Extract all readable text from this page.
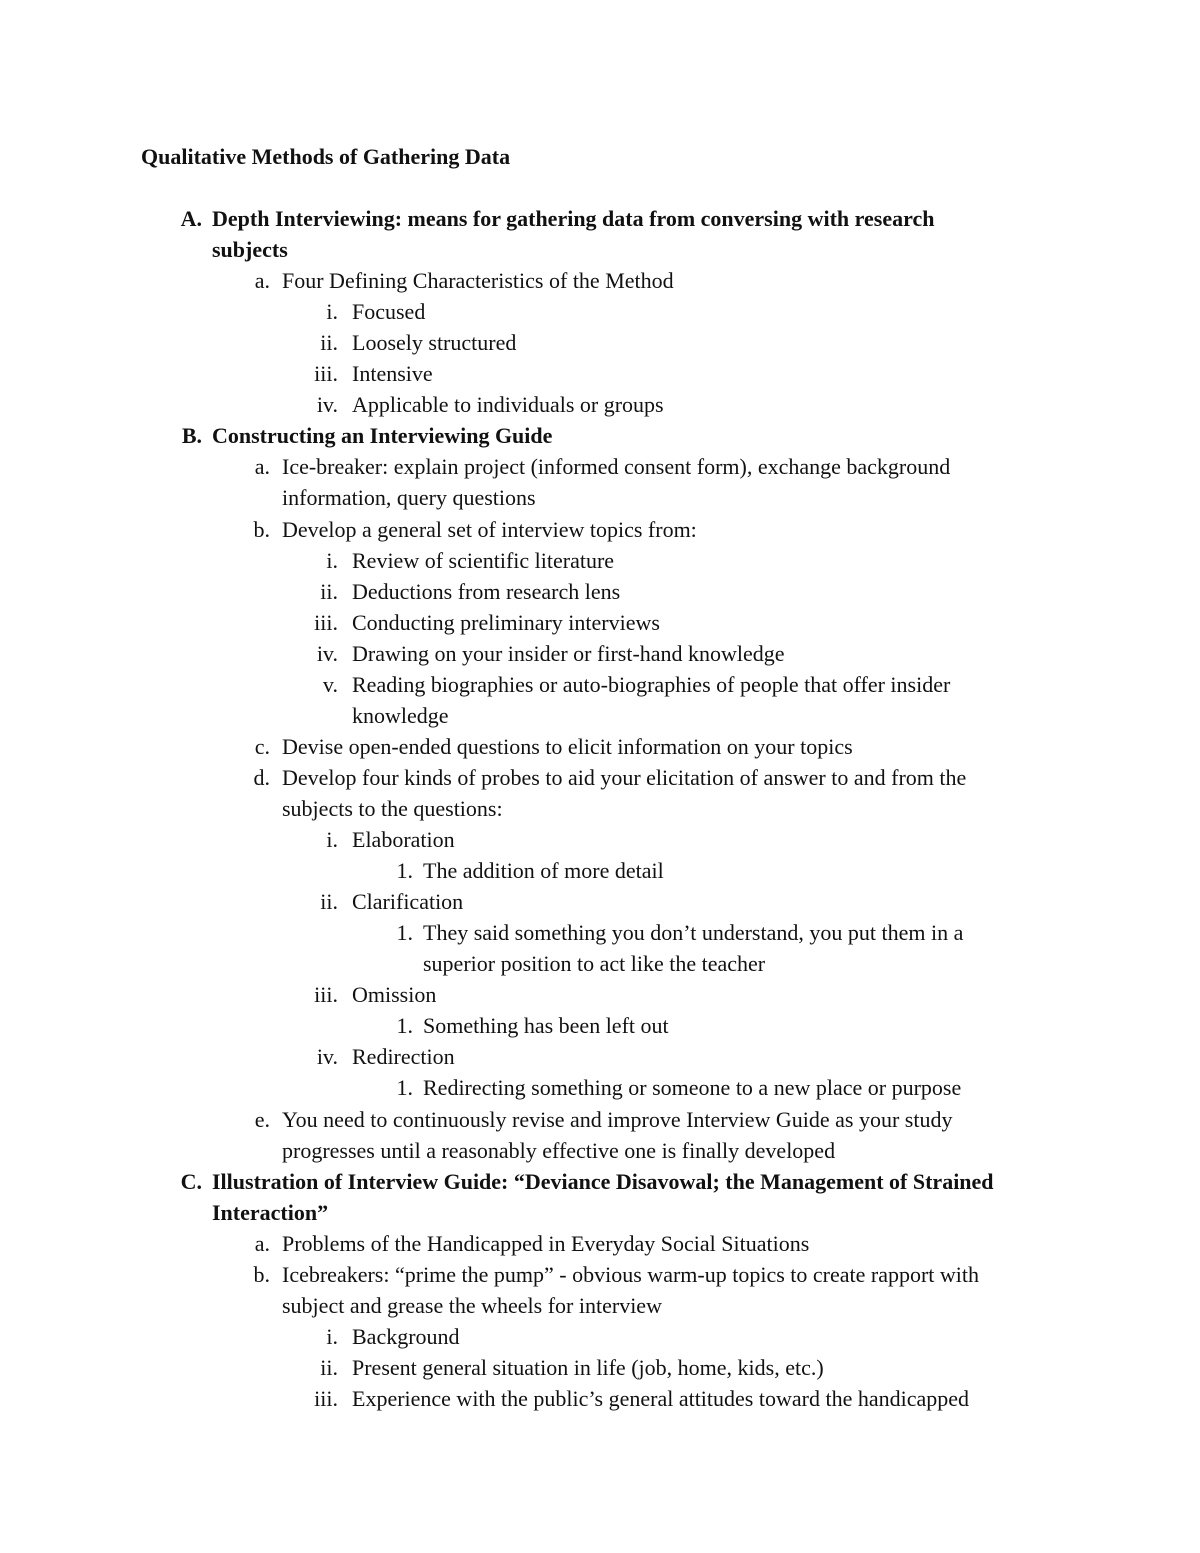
Qualitative Methods of Gathering Data
A. Depth Interviewing: means for gathering data from conversing with research
subjects
a. Four Defining Characteristics of the Method
i. Focused
ii. Loosely structured
iii. Intensive
iv. Applicable to individuals or groups
B. Constructing an Interviewing Guide
a. Ice-breaker: explain project (informed consent form), exchange background
information, query questions
b. Develop a general set of interview topics from:
i. Review of scientific literature
ii. Deductions from research lens
iii. Conducting preliminary interviews
iv. Drawing on your insider or first-hand knowledge
v. Reading biographies or auto-biographies of people that offer insider
knowledge
c. Devise open-ended questions to elicit information on your topics
d. Develop four kinds of probes to aid your elicitation of answer to and from the
subjects to the questions:
i. Elaboration
1. The addition of more detail
ii. Clarification
1. They said something you don’t understand, you put them in a
superior position to act like the teacher
iii. Omission
1. Something has been left out
iv. Redirection
1. Redirecting something or someone to a new place or purpose
e. You need to continuously revise and improve Interview Guide as your study
progresses until a reasonably effective one is finally developed
C. Illustration of Interview Guide: “Deviance Disavowal; the Management of Strained
Interaction”
a. Problems of the Handicapped in Everyday Social Situations
b. Icebreakers: “prime the pump” - obvious warm-up topics to create rapport with
subject and grease the wheels for interview
i. Background
ii. Present general situation in life (job, home, kids, etc.)
iii. Experience with the public’s general attitudes toward the handicapped
